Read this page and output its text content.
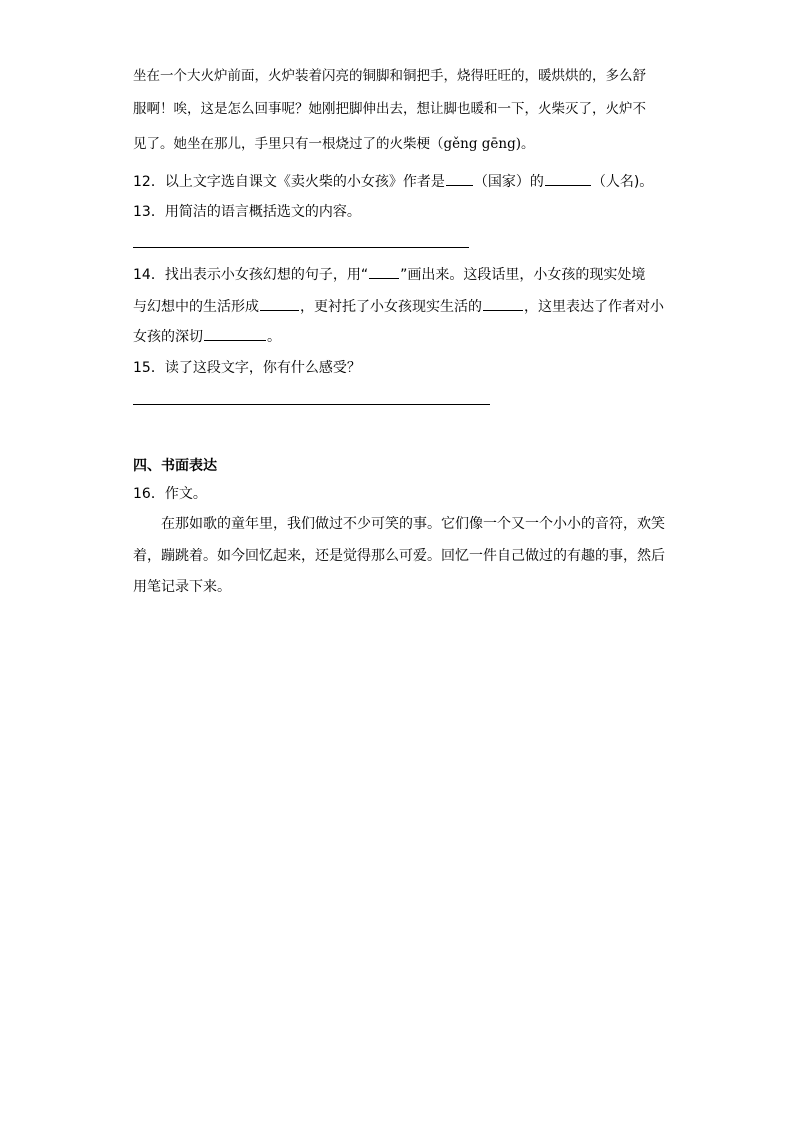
坐在一个大火炉前面，火炉装着闪亮的铜脚和铜把手，烧得旺旺的，暖烘烘的，多么舒
服啊！唉，这是怎么回事呢？她刚把脚伸出去，想让脚也暖和一下，火柴灭了，火炉不
见了。她坐在那儿，手里只有一根烧过了的火柴梗（gěng gēng)。
12．以上文字选自课文《卖火柴的小女孩》作者是 （国家）的	（人名)。
13．用简洁的语言概括选文的内容。
14．找出表示小女孩幻想的句子，用“ ”画出来。这段话里，小女孩的现实处境
与幻想中的生活形成	，更衬托了小女孩现实生活的	，这里表达了作者对小
女孩的深切	。
15．读了这段文字，你有什么感受？
四、书面表达
16．作文。
在那如歌的童年里，我们做过不少可笑的事。它们像一个又一个小小的音符，欢笑
着，蹦跳着。如今回忆起来，还是觉得那么可爱。回忆一件自己做过的有趣的事，然后
用笔记录下来。
